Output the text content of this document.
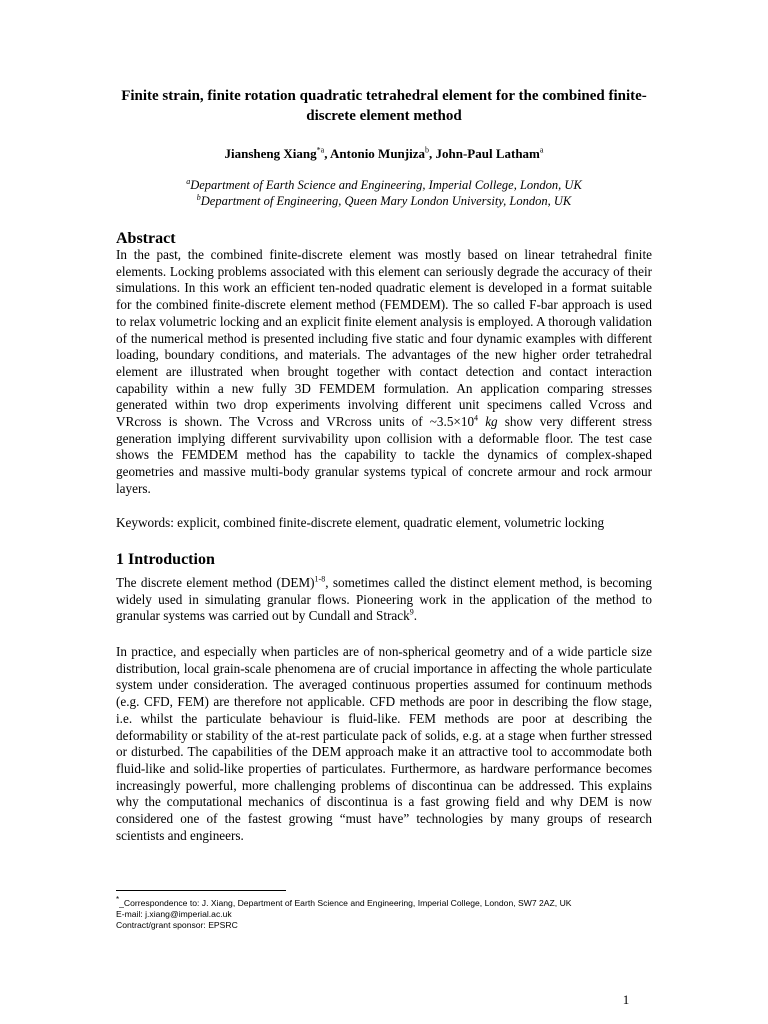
Finite strain, finite rotation quadratic tetrahedral element for the combined finite-discrete element method
Jiansheng Xiang$^{*a}$, Antonio Munjiza$^b$, John-Paul Latham$^a$
$^a$Department of Earth Science and Engineering, Imperial College, London, UK
$^b$Department of Engineering, Queen Mary London University, London, UK
Abstract

In the past, the combined finite-discrete element was mostly based on linear tetrahedral finite elements. Locking problems associated with this element can seriously degrade the accuracy of their simulations. In this work an efficient ten-noded quadratic element is developed in a format suitable for the combined finite-discrete element method (FEMDEM). The so called F-bar approach is used to relax volumetric locking and an explicit finite element analysis is employed. A thorough validation of the numerical method is presented including five static and four dynamic examples with different loading, boundary conditions, and materials. The advantages of the new higher order tetrahedral element are illustrated when brought together with contact detection and contact interaction capability within a new fully 3D FEMDEM formulation. An application comparing stresses generated within two drop experiments involving different unit specimens called Vcross and VRcross is shown. The Vcross and VRcross units of $\sim 3.5\times 10^4$ kg show very different stress generation implying different survivability upon collision with a deformable floor. The test case shows the FEMDEM method has the capability to tackle the dynamics of complex-shaped geometries and massive multi-body granular systems typical of concrete armour and rock armour layers.

Keywords: explicit, combined finite-discrete element, quadratic element, volumetric locking

1 Introduction

The discrete element method (DEM)$^{1-8}$, sometimes called the distinct element method, is becoming widely used in simulating granular flows. Pioneering work in the application of the method to granular systems was carried out by Cundall and Strack$^9$.

In practice, and especially when particles are of non-spherical geometry and of a wide particle size distribution, local grain-scale phenomena are of crucial importance in affecting the whole particulate system under consideration. The averaged continuous properties assumed for continuum methods (e.g. CFD, FEM) are therefore not applicable. CFD methods are poor in describing the flow stage, i.e. whilst the particulate behaviour is fluid-like. FEM methods are poor at describing the deformability or stability of the at-rest particulate pack of solids, e.g. at a stage when further stressed or disturbed. The capabilities of the DEM approach make it an attractive tool to accommodate both fluid-like and solid-like properties of particulates. Furthermore, as hardware performance becomes increasingly powerful, more challenging problems of discontinua can be addressed. This explains why the computational mechanics of discontinua is a fast growing field and why DEM is now considered one of the fastest growing “must have” technologies by many groups of research scientists and engineers.

*_Correspondence to: J. Xiang, Department of Earth Science and Engineering, Imperial College, London, SW7 2AZ, UK
E-mail: j.xiang@imperial.ac.uk
Contract/grant sponsor: EPSRC
1
